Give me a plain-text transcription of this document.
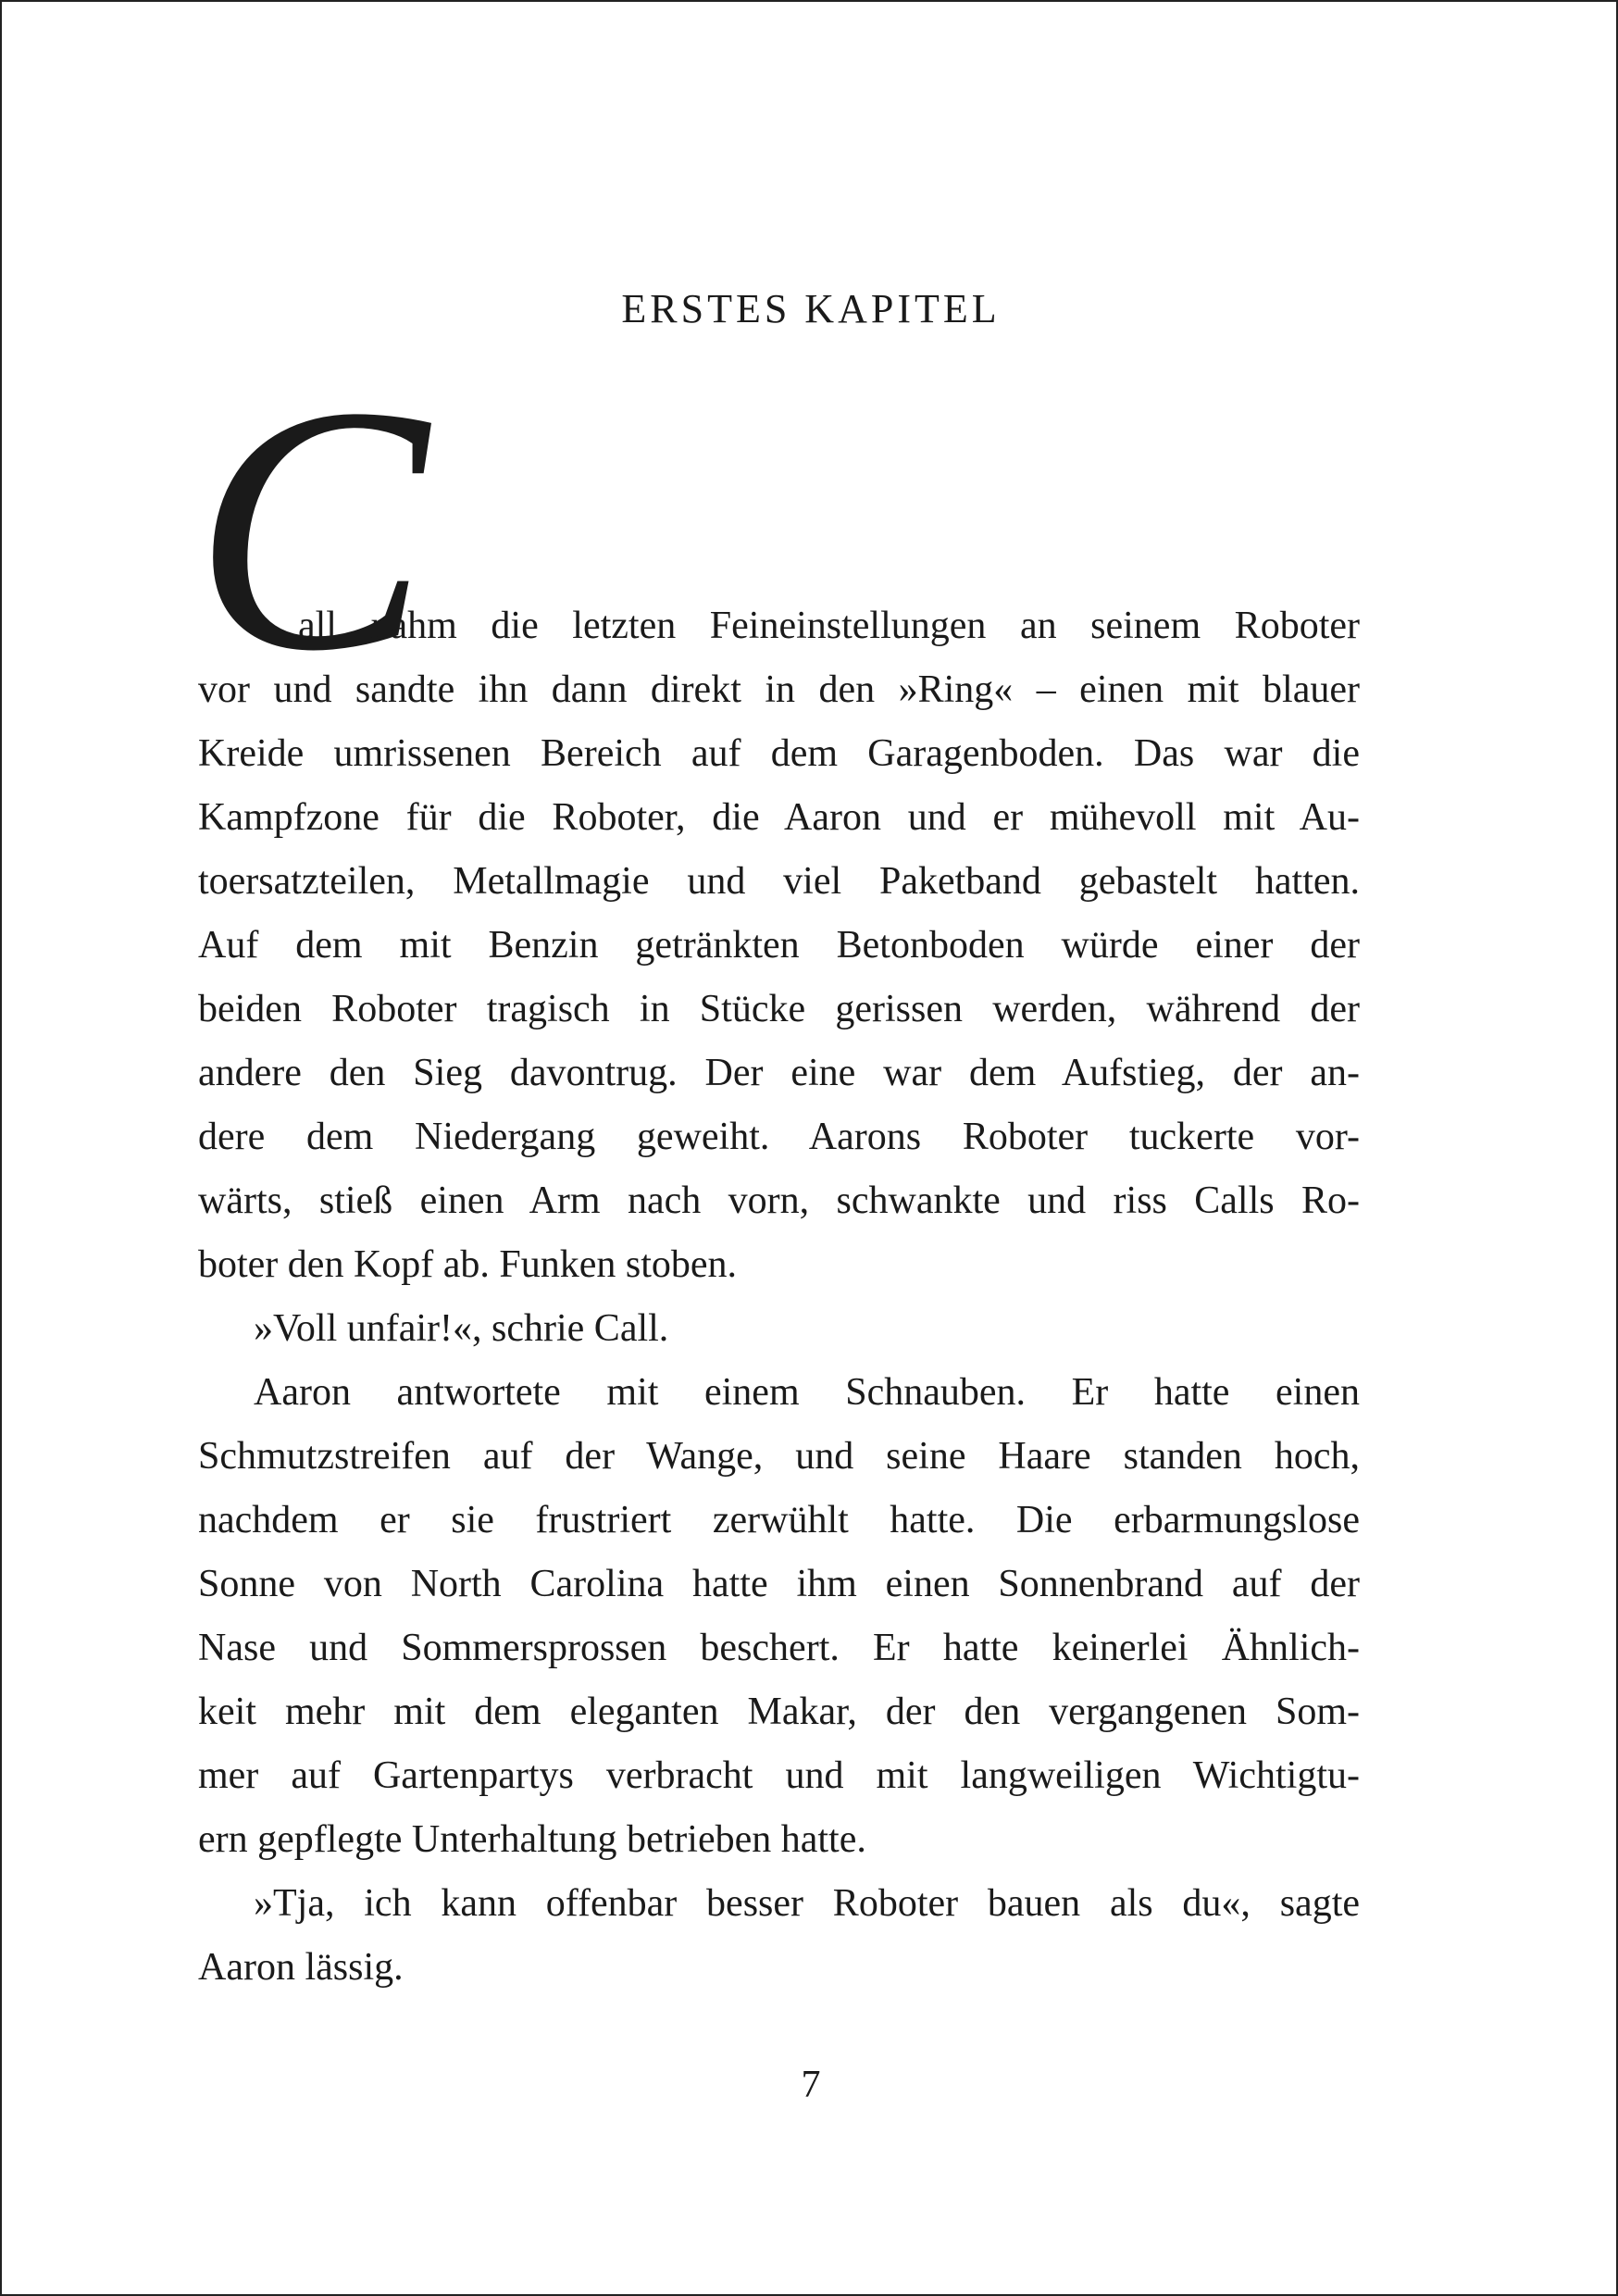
ERSTES KAPITEL
C
all nahm die letzten Feineinstellungen an seinem Roboter
vor und sandte ihn dann direkt in den »Ring« – einen mit blauer
Kreide umrissenen Bereich auf dem Garagenboden. Das war die
Kampfzone für die Roboter, die Aaron und er mühevoll mit Au-
toersatzteilen, Metallmagie und viel Paketband gebastelt hatten.
Auf dem mit Benzin getränkten Betonboden würde einer der
beiden Roboter tragisch in Stücke gerissen werden, während der
andere den Sieg davontrug. Der eine war dem Aufstieg, der an-
dere dem Niedergang geweiht. Aarons Roboter tuckerte vor-
wärts, stieß einen Arm nach vorn, schwankte und riss Calls Ro-
boter den Kopf ab. Funken stoben.
»Voll unfair!«, schrie Call.
Aaron antwortete mit einem Schnauben. Er hatte einen
Schmutzstreifen auf der Wange, und seine Haare standen hoch,
nachdem er sie frustriert zerwühlt hatte. Die erbarmungslose
Sonne von North Carolina hatte ihm einen Sonnenbrand auf der
Nase und Sommersprossen beschert. Er hatte keinerlei Ähnlich-
keit mehr mit dem eleganten Makar, der den vergangenen Som-
mer auf Gartenpartys verbracht und mit langweiligen Wichtigtu-
ern gepflegte Unterhaltung betrieben hatte.
»Tja, ich kann offenbar besser Roboter bauen als du«, sagte
Aaron lässig.
7
